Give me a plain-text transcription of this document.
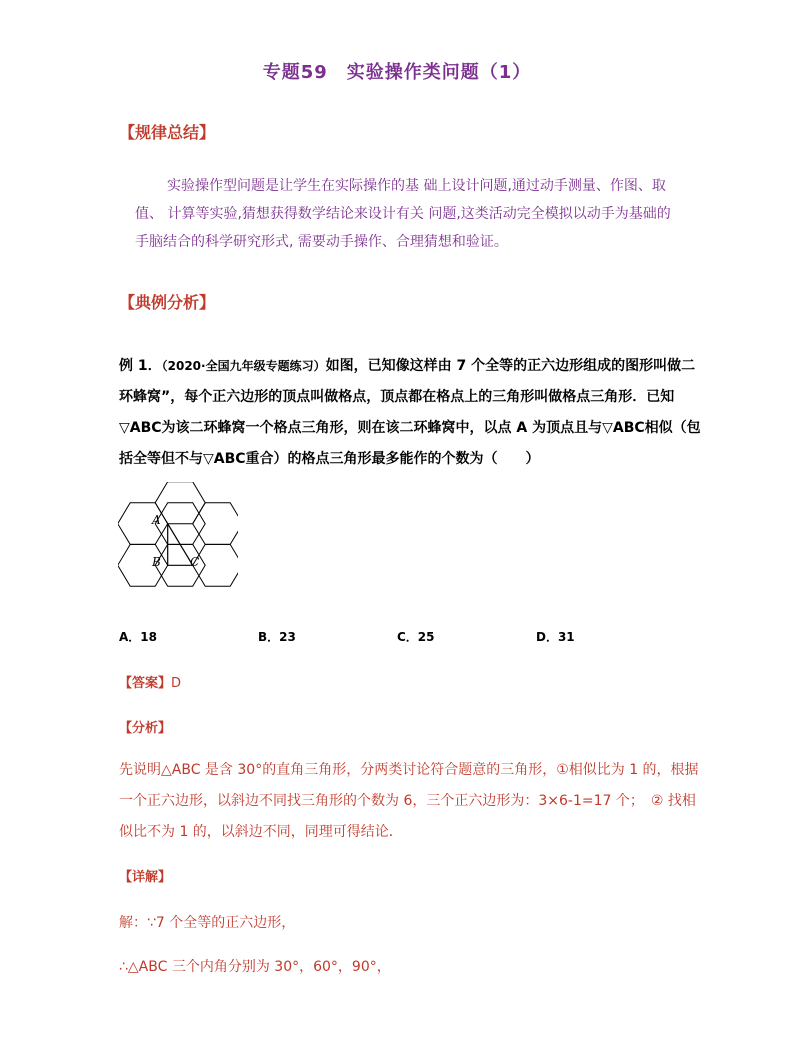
专题59　实验操作类问题（1）
【规律总结】
实验操作型问题是让学生在实际操作的基 础上设计问题,通过动手测量、作图、取值、 计算等实验,猜想获得数学结论来设计有关 问题,这类活动完全模拟以动手为基础的手脑结合的科学研究形式, 需要动手操作、合理猜想和验证。
【典例分析】
例 1．（2020·全国九年级专题练习）如图，已知像这样由 7 个全等的正六边形组成的图形叫做二环蜂窝”，每个正六边形的顶点叫做格点，顶点都在格点上的三角形叫做格点三角形．已知▽ABC为该二环蜂窝一个格点三角形，则在该二环蜂窝中，以点 A 为顶点且与▽ABC相似（包括全等但不与▽ABC重合）的格点三角形最多能作的个数为（　　）
A
B C
A．18	B．23	C．25	D．31
【答案】D
【分析】
先说明△ABC 是含 30°的直角三角形，分两类讨论符合题意的三角形，①相似比为 1 的，根据一个正六边形，以斜边不同找三角形的个数为 6，三个正六边形为：3×6-1=17 个；　② 找相似比不为 1 的，以斜边不同，同理可得结论．
【详解】
解：∵7 个全等的正六边形，
∴△ABC 三个内角分别为 30°，60°，90°，
